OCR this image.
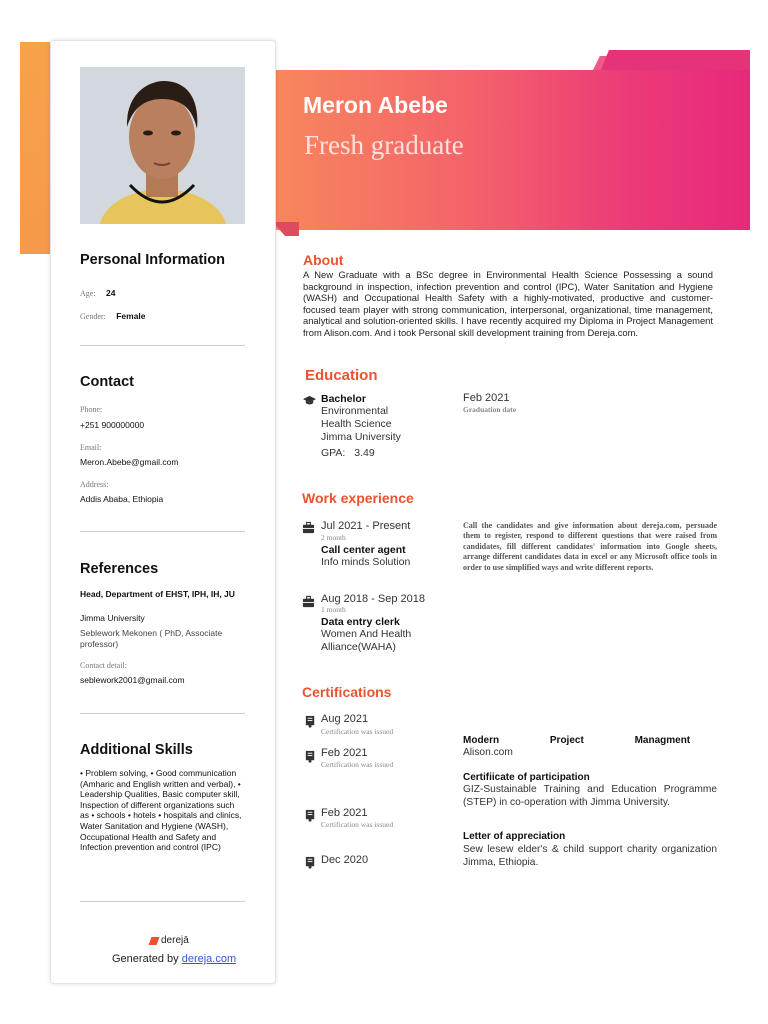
Meron Abebe
Fresh graduate
Personal Information
Age: 24
Gender: Female
Contact
Phone:
+251 900000000
Email:
Meron.Abebe@gmail.com
Address:
Addis Ababa, Ethiopia
References
Head, Department of EHST, IPH, IH, JU
Jimma University
Seblework Mekonen ( PhD, Associate professor)
Contact detail:
seblework2001@gmail.com
Additional Skills
• Problem solving, • Good communication (Amharic and English written and verbal), • Leadership Qualities, Basic computer skill, Inspection of different organizations such as • schools • hotels • hospitals and clinics, Water Sanitation and Hygiene (WASH), Occupational Health and Safety and Infection prevention and control (IPC)
derejā
Generated by dereja.com
About
A New Graduate with a BSc degree in Environmental Health Science Possessing a sound background in inspection, infection prevention and control (IPC), Water Sanitation and Hygiene (WASH) and Occupational Health Safety with a highly-motivated, productive and customer-focused team player with strong communication, interpersonal, organizational, time management, analytical and solution-oriented skills. I have recently acquired my Diploma in Project Management from Alison.com. And i took Personal skill development training from Dereja.com.
Education
Bachelor
Environmental
Health Science
Jimma University
GPA: 3.49
Feb 2021
Graduation date
Work experience
Jul 2021 - Present
2 month
Call center agent
Info minds Solution
Call the candidates and give information about dereja.com, persuade them to register, respond to different questions that were raised from candidates, fill different candidates' information into Google sheets, arrange different candidates data in excel or any Microsoft office tools in order to use simplified ways and write different reports.
Aug 2018 - Sep 2018
1 month
Data entry clerk
Women And Health
Alliance(WAHA)
Certifications
Aug 2021
Certification was issued
Feb 2021
Certification was issued
Feb 2021
Certification was issued
Dec 2020
Modern Project Managment
Alison.com
Certifiicate of participation
GIZ-Sustainable Training and Education Programme (STEP) in co-operation with Jimma University.
Letter of appreciation
Sew lesew elder's & child support charity organization Jimma, Ethiopia.
